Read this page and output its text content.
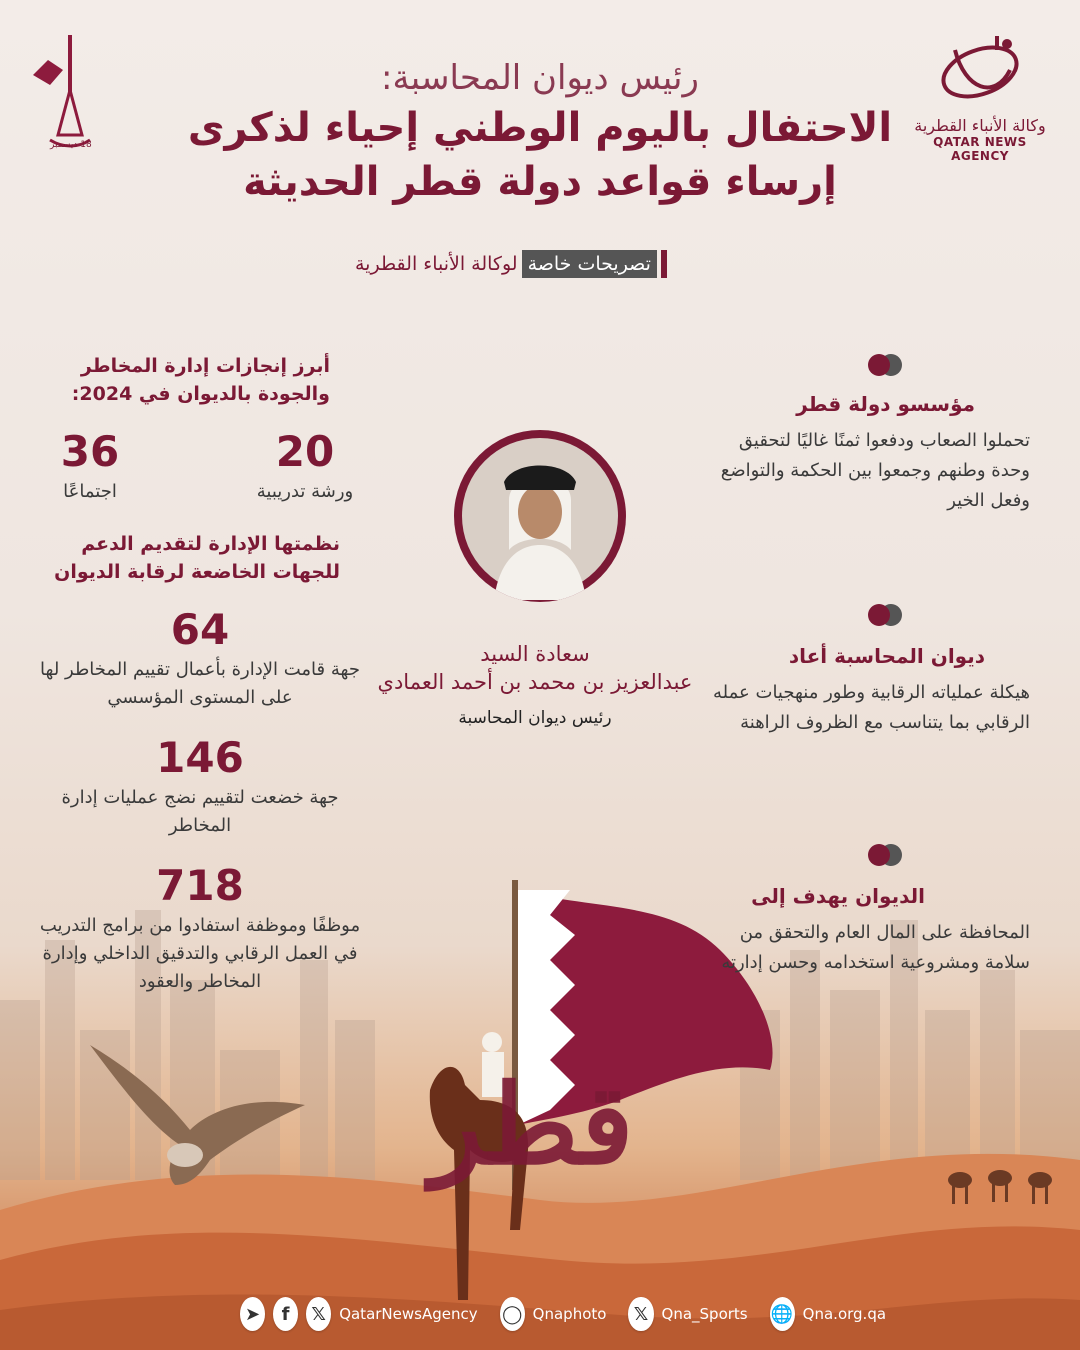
قطر
وكالة الأنباء القطرية
QATAR NEWS AGENCY
18 ديسمبر
رئيس ديوان المحاسبة:
الاحتفال باليوم الوطني إحياء لذكرى
إرساء قواعد دولة قطر الحديثة
تصريحات خاصة
لوكالة الأنباء القطرية
مؤسسو دولة قطر
تحملوا الصعاب ودفعوا ثمنًا غاليًا لتحقيق وحدة وطنهم وجمعوا بين الحكمة والتواضع وفعل الخير
ديوان المحاسبة أعاد
هيكلة عملياته الرقابية وطور منهجيات عمله الرقابي بما يتناسب مع الظروف الراهنة
الديوان يهدف إلى
المحافظة على المال العام والتحقق من سلامة ومشروعية استخدامه وحسن إدارته
سعادة السيد
عبدالعزيز بن محمد بن أحمد العمادي
رئيس ديوان المحاسبة
أبرز إنجازات إدارة المخاطر والجودة بالديوان في 2024:
20
ورشة تدريبية
36
اجتماعًا
نظمتها الإدارة لتقديم الدعم للجهات الخاضعة لرقابة الديوان
64
جهة قامت الإدارة بأعمال تقييم المخاطر لها على المستوى المؤسسي
146
جهة خضعت لتقييم نضج عمليات إدارة المخاطر
718
موظفًا وموظفة استفادوا من برامج التدريب في العمل الرقابي والتدقيق الداخلي وإدارة المخاطر والعقود
➤	f	𝕏 QatarNewsAgency ◯ Qnaphoto 𝕏 Qna_Sports 🌐 Qna.org.qa
